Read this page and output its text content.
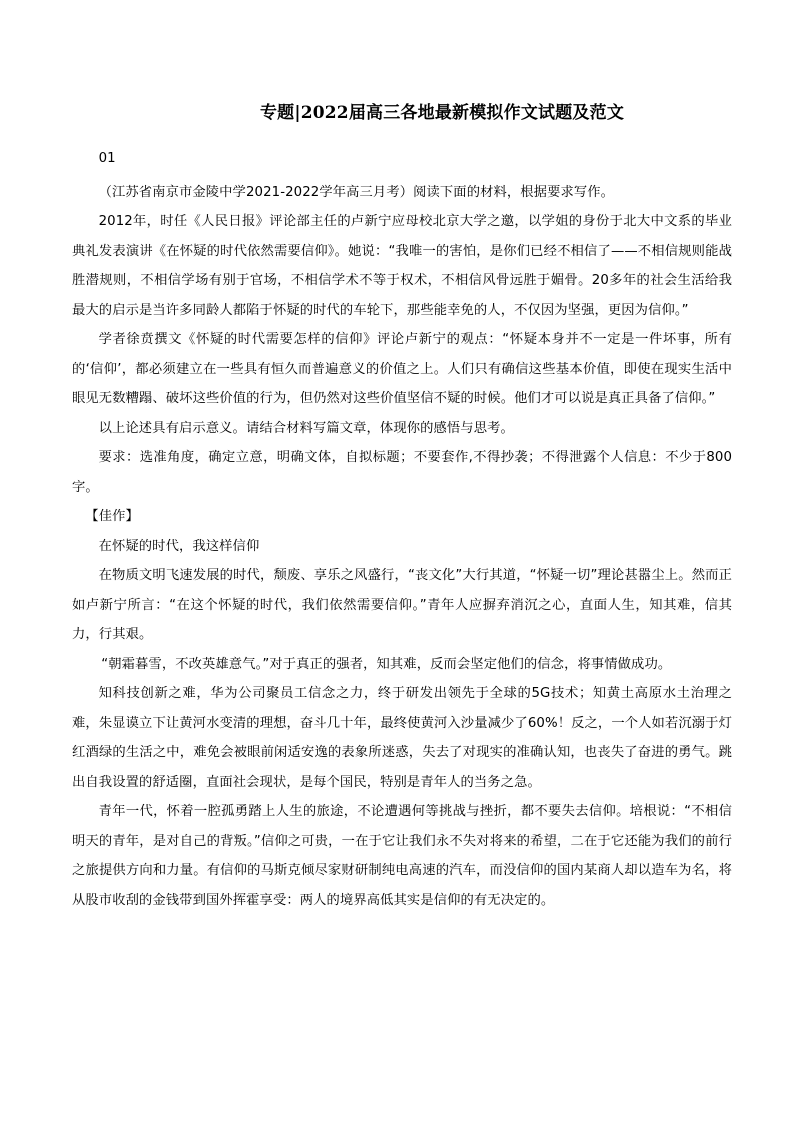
专题|2022届高三各地最新模拟作文试题及范文

01

（江苏省南京市金陵中学2021-2022学年高三月考）阅读下面的材料，根据要求写作。

2012年，时任《人民日报》评论部主任的卢新宁应母校北京大学之邀，以学姐的身份于北大中文系的毕业典礼发表演讲《在怀疑的时代依然需要信仰》。她说：“我唯一的害怕，是你们已经不相信了——不相信规则能战胜潜规则，不相信学场有别于官场，不相信学术不等于权术，不相信风骨远胜于媚骨。20多年的社会生活给我最大的启示是当许多同龄人都陷于怀疑的时代的车轮下，那些能幸免的人，不仅因为坚强，更因为信仰。”

学者徐贲撰文《怀疑的时代需要怎样的信仰》评论卢新宁的观点：“怀疑本身并不一定是一件坏事，所有的‘信仰’，都必须建立在一些具有恒久而普遍意义的价值之上。人们只有确信这些基本价值，即使在现实生活中眼见无数糟蹋、破坏这些价值的行为，但仍然对这些价值坚信不疑的时候。他们才可以说是真正具备了信仰。”

以上论述具有启示意义。请结合材料写篇文章，体现你的感悟与思考。

要求：选准角度，确定立意，明确文体，自拟标题；不要套作,不得抄袭；不得泄露个人信息：不少于800字。

【佳作】

在怀疑的时代，我这样信仰

在物质文明飞速发展的时代，颓废、享乐之风盛行，“丧文化”大行其道，“怀疑一切”理论甚嚣尘上。然而正如卢新宁所言：“在这个怀疑的时代，我们依然需要信仰。”青年人应摒弃消沉之心，直面人生，知其难，信其力，行其艰。

“朝霜暮雪，不改英雄意气。”对于真正的强者，知其难，反而会坚定他们的信念，将事情做成功。

知科技创新之难，华为公司聚员工信念之力，终于研发出领先于全球的5G技术；知黄土高原水土治理之难，朱显谟立下让黄河水变清的理想，奋斗几十年，最终使黄河入沙量减少了60%！反之，一个人如若沉溺于灯红酒绿的生活之中，难免会被眼前闲适安逸的表象所迷惑，失去了对现实的准确认知，也丧失了奋进的勇气。跳出自我设置的舒适圈，直面社会现状，是每个国民，特别是青年人的当务之急。

青年一代，怀着一腔孤勇踏上人生的旅途，不论遭遇何等挑战与挫折，都不要失去信仰。培根说：“不相信明天的青年，是对自己的背叛。”信仰之可贵，一在于它让我们永不失对将来的希望，二在于它还能为我们的前行之旅提供方向和力量。有信仰的马斯克倾尽家财研制纯电高速的汽车，而没信仰的国内某商人却以造车为名，将从股市收刮的金钱带到国外挥霍享受：两人的境界高低其实是信仰的有无决定的。
